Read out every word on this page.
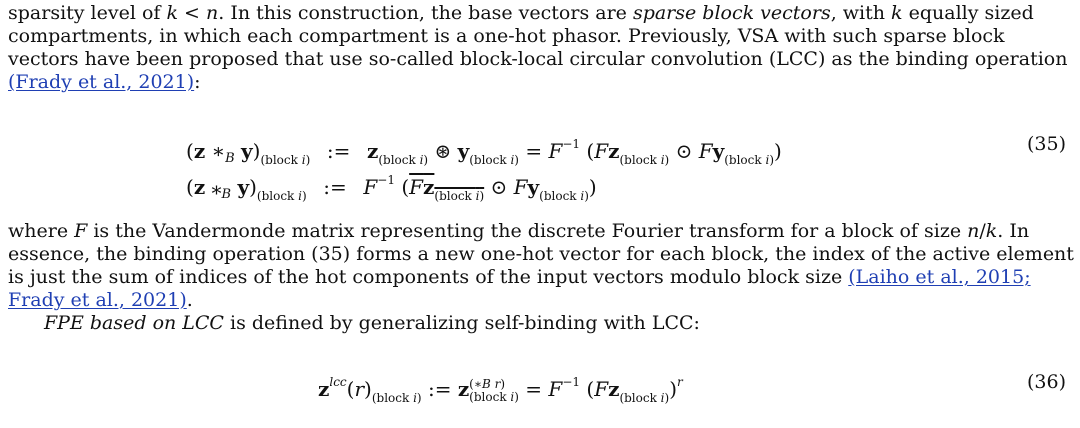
sparsity level of k < n. In this construction, the base vectors are sparse block vectors, with k equally sized
compartments, in which each compartment is a one-hot phasor. Previously, VSA with such sparse block
vectors have been proposed that use so-called block-local circular convolution (LCC) as the binding operation
(Frady et al., 2021):
(z $∗_B$ $y)_{(block i)}$ := $z_{(block i)}$ ⊛ $y_{(block i)} = F^{-1}$ ($Fz_{(block i)}$ ⊙ $Fy_{(block i)}$)	(35)
(z $⁎_B$ $y)_{(block i)}$ := $F^{-1}$ ($Fz_{(block i)}$ ⊙ $Fy_{(block i)}$)
where F is the Vandermonde matrix representing the discrete Fourier transform for a block of size n/k. In
essence, the binding operation (35) forms a new one-hot vector for each block, the index of the active element
is just the sum of indices of the hot components of the input vectors modulo block size (Laiho et al., 2015;
Frady et al., 2021).
FPE based on LCC is defined by generalizing self-binding with LCC:
$z^{lcc}(r)_{(block i)}$ := z (∗B r)
(block $i) = F^{-1}$ $(Fz_{(block i)})^r$	(36)
